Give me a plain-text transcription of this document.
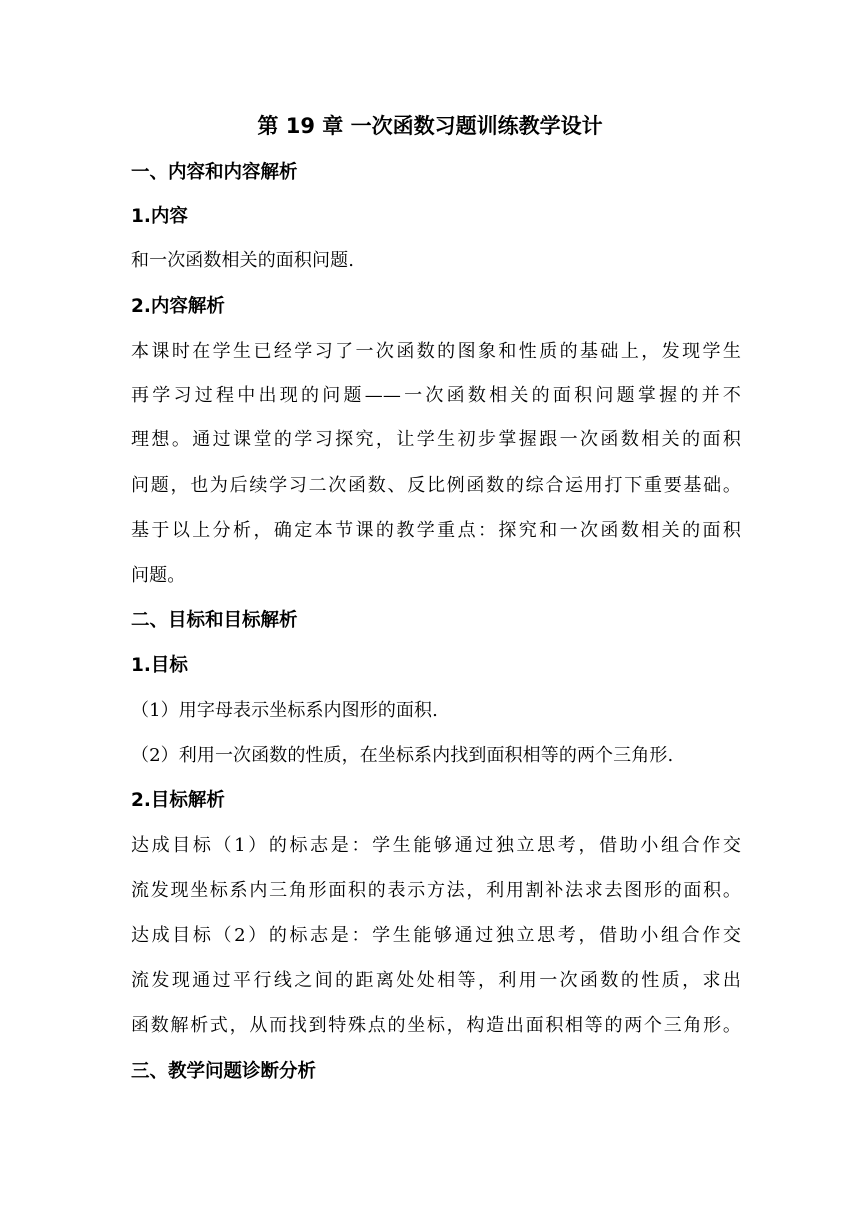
第 19 章 一次函数习题训练教学设计
一、内容和内容解析
1.内容
和一次函数相关的面积问题.
2.内容解析
本课时在学生已经学习了一次函数的图象和性质的基础上，发现学生
再学习过程中出现的问题——一次函数相关的面积问题掌握的并不
理想。通过课堂的学习探究，让学生初步掌握跟一次函数相关的面积
问题，也为后续学习二次函数、反比例函数的综合运用打下重要基础。
基于以上分析，确定本节课的教学重点：探究和一次函数相关的面积
问题。
二、目标和目标解析
1.目标
（1）用字母表示坐标系内图形的面积.
（2）利用一次函数的性质，在坐标系内找到面积相等的两个三角形.
2.目标解析
达成目标（1）的标志是：学生能够通过独立思考，借助小组合作交
流发现坐标系内三角形面积的表示方法，利用割补法求去图形的面积。
达成目标（2）的标志是：学生能够通过独立思考，借助小组合作交
流发现通过平行线之间的距离处处相等，利用一次函数的性质，求出
函数解析式，从而找到特殊点的坐标，构造出面积相等的两个三角形。
三、教学问题诊断分析
